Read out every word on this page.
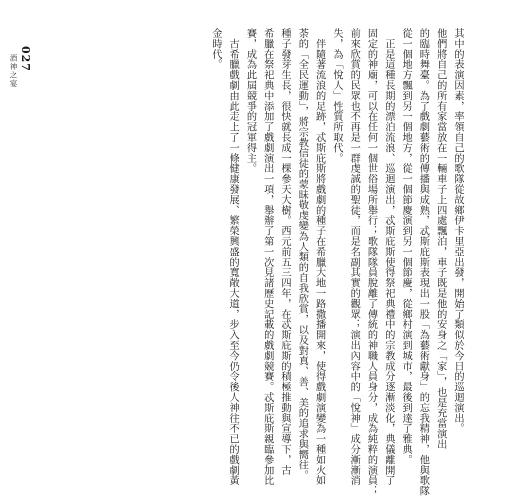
027
酒神之宴	其中的表演因素，率領自己的歌隊從故鄉伊卡里亞出發，開始了類似於今日的巡迴演出。

他們將自己的所有家當放在一輛車子上四處飄泊，車子既是他的安身之「家」，也是充當演出

的臨時舞臺。為了戲劇藝術的傳播與成熟，忒斯庇斯表現出一股「為藝術獻身」的忘我精神，他與歌隊

從一個地方飄到另一個地方，從一個節慶演到另一個節慶，從鄉村演到城市，最後到達了雅典。

　正是這種長期的漂泊流浪、巡迴演出，忒斯庇斯使得祭祀典禮中的宗教成分逐漸淡化，典儀離開了

固定的神廟，可以在任何一個世俗場所舉行；歌隊隊員脫離了傳統的神職人員身分，成為純粹的演員；

前來欣賞的民眾也不再是一群虔誠的聖徒，而是名副其實的觀眾；演出內容中的「悅神」成分漸漸消

失，為「悅人」性質所取代。

　伴隨著流浪的足跡，忒斯庇斯將戲劇的種子在希臘大地一路撒播開來，使得戲劇演變為一種如火如

荼的「全民運動」，將宗教信徒的蒙昧敬虔變為人類的自我欣賞，以及對真、善、美的追求與嚮往。

種子發芽生長，很快就長成一棵參天大樹。西元前五三四年，在忒斯庇斯的積極推動與宣導下，古

希臘在祭祀典中添加了戲劇演出一項，舉辦了第一次見諸歷史記載的戲劇競賽。忒斯庇斯親臨參加比

賽，成為此屆競爭的冠軍得主。

　古希臘戲劇由此走上了一條健康發展、繁榮興盛的寬敞大道，步入至今仍令後人神往不已的戲劇黃

金時代。
